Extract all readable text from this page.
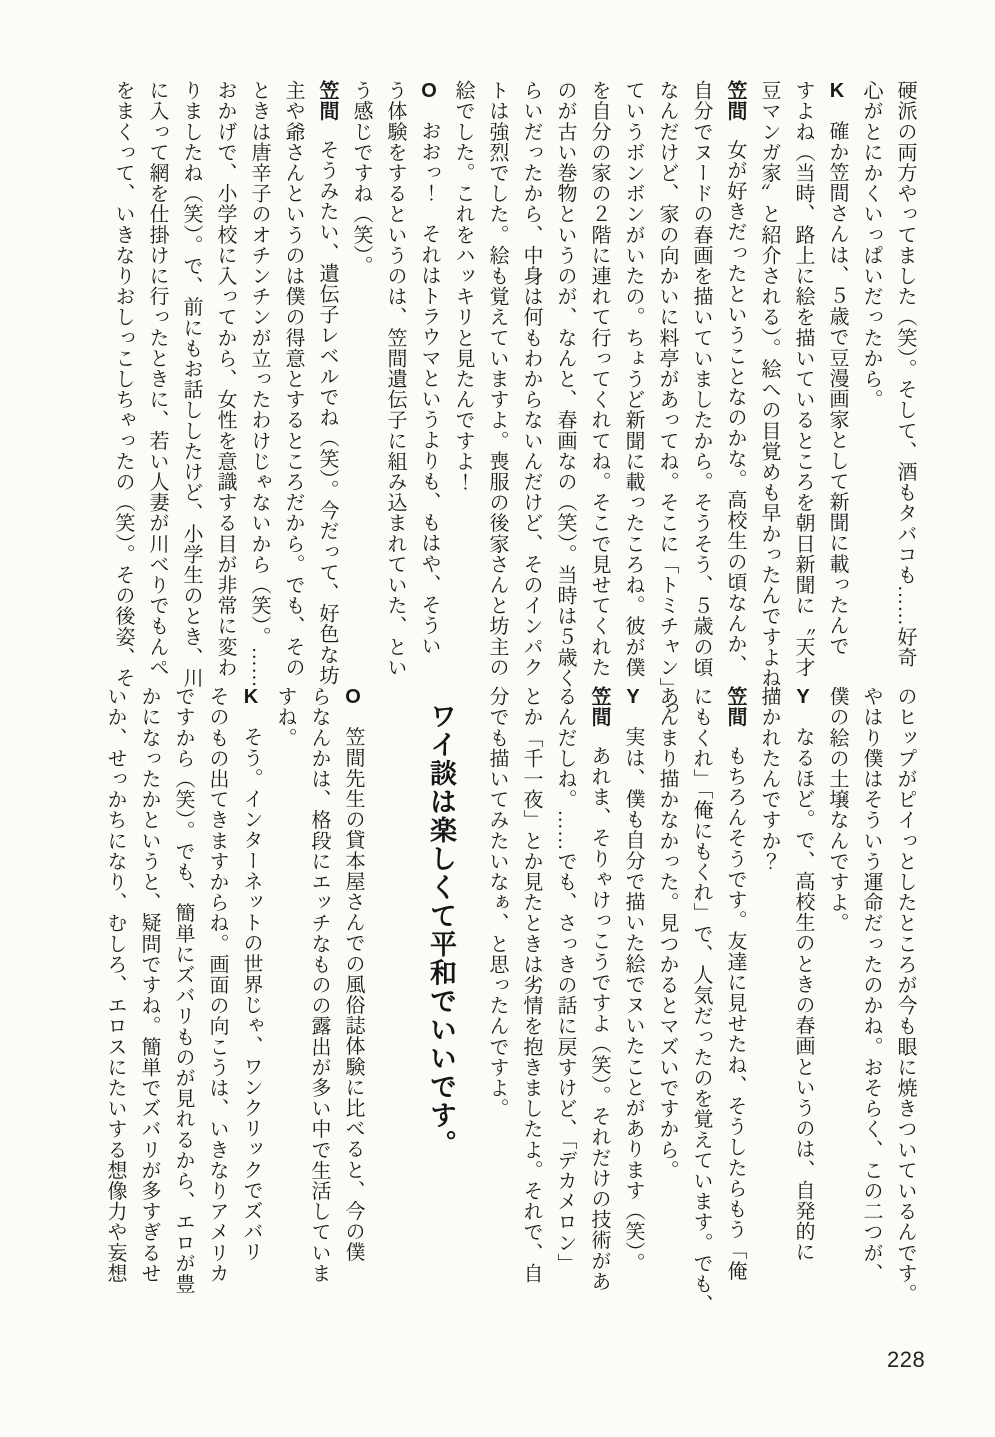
硬派の両方やってました（笑）。そして、酒もタバコも……好奇

心がとにかくいっぱいだったから。

K確か笠間さんは、５歳で豆漫画家として新聞に載ったんで

すよね（当時、路上に絵を描いているところを朝日新聞に〝天才

豆マンガ家〟と紹介される）。絵への目覚めも早かったんですよね。

笠間女が好きだったということなのかな。高校生の頃なんか、

自分でヌードの春画を描いていましたから。そうそう、５歳の頃

なんだけど、家の向かいに料亭があってね。そこに「トミチャン」っ

ていうボンボンがいたの。ちょうど新聞に載ったころね。彼が僕

を自分の家の２階に連れて行ってくれてね。そこで見せてくれた

のが古い巻物というのが、なんと、春画なの（笑）。当時は５歳く

らいだったから、中身は何もわからないんだけど、そのインパク

トは強烈でした。絵も覚えていますよ。喪服の後家さんと坊主の

絵でした。これをハッキリと見たんですよ！

Oおおっ！　それはトラウマというよりも、もはや、そうい

う体験をするというのは、笠間遺伝子に組み込まれていた、とい

う感じですね（笑）。

笠間そうみたい、遺伝子レベルでね（笑）。今だって、好色な坊

主や爺さんというのは僕の得意とするところだから。でも、その

ときは唐辛子のオチンチンが立ったわけじゃないから（笑）。……

おかげで、小学校に入ってから、女性を意識する目が非常に変わ

りましたね（笑）。で、前にもお話ししたけど、小学生のとき、川

に入って網を仕掛けに行ったときに、若い人妻が川べりでもんぺ

をまくって、いきなりおしっこしちゃったの（笑）。その後姿、そ

のヒップがピイっとしたところが今も眼に焼きついているんです。

やはり僕はそういう運命だったのかね。おそらく、この二つが、

僕の絵の土壌なんですよ。

Yなるほど。で、高校生のときの春画というのは、自発的に

描かれたんですか？

笠間もちろんそうです。友達に見せたね、そうしたらもう「俺

にもくれ」「俺にもくれ」で、人気だったのを覚えています。でも、

あんまり描かなかった。見つかるとマズいですから。

Y実は、僕も自分で描いた絵でヌいたことがあります（笑）。

笠間あれま、そりゃけっこうですよ（笑）。それだけの技術があ

るんだしね。……でも、さっきの話に戻すけど、「デカメロン」

とか「千一夜」とか見たときは劣情を抱きましたよ。それで、自

分でも描いてみたいなぁ、と思ったんですよ。

ワイ談は楽しくて平和でいいです。

O笠間先生の貸本屋さんでの風俗誌体験に比べると、今の僕

らなんかは、格段にエッチなものの露出が多い中で生活していま

すね。

Kそう。インターネットの世界じゃ、ワンクリックでズバリ

そのもの出てきますからね。画面の向こうは、いきなりアメリカ

ですから（笑）。でも、簡単にズバリものが見れるから、エロが豊

かになったかというと、疑問ですね。簡単でズバリが多すぎるせ

いか、せっかちになり、むしろ、エロスにたいする想像力や妄想

228
